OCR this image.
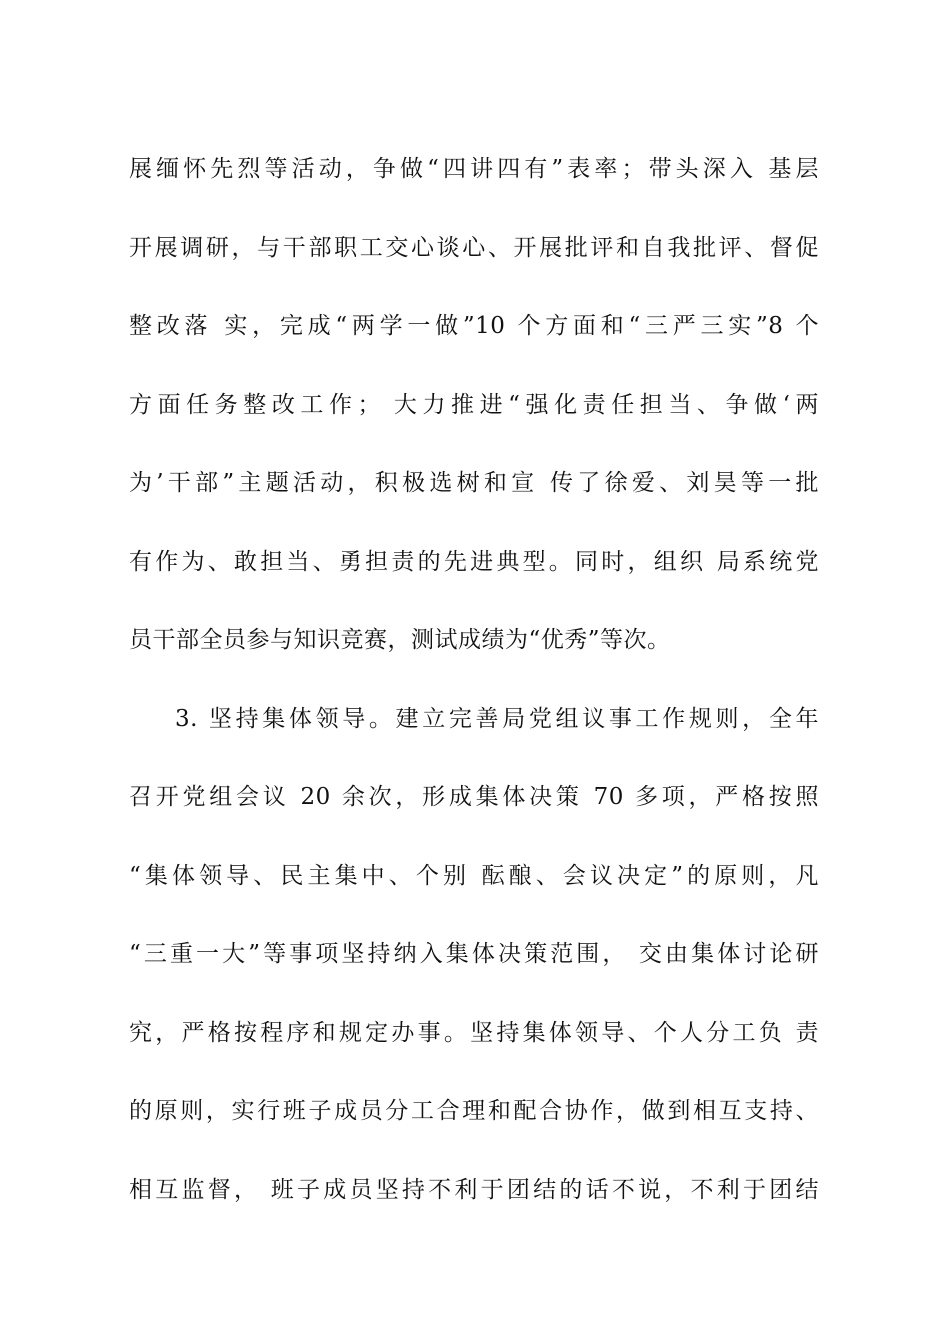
展缅怀先烈等活动，争做“四讲四有”表率；带头深入 基层
开展调研，与干部职工交心谈心、开展批评和自我批评、督促
整改落 实，完成“两学一做”10 个方面和“三严三实”8 个
方面任务整改工作； 大力推进“强化责任担当、争做‘两
为’干部”主题活动，积极选树和宣 传了徐爱、刘昊等一批
有作为、敢担当、勇担责的先进典型。同时，组织 局系统党
员干部全员参与知识竞赛，测试成绩为“优秀”等次。
3. 坚持集体领导。建立完善局党组议事工作规则，全年
召开党组会议 20 余次，形成集体决策 70 多项，严格按照
“集体领导、民主集中、个别 酝酿、会议决定”的原则，凡
“三重一大”等事项坚持纳入集体决策范围， 交由集体讨论研
究，严格按程序和规定办事。坚持集体领导、个人分工负 责
的原则，实行班子成员分工合理和配合协作，做到相互支持、
相互监督， 班子成员坚持不利于团结的话不说，不利于团结
